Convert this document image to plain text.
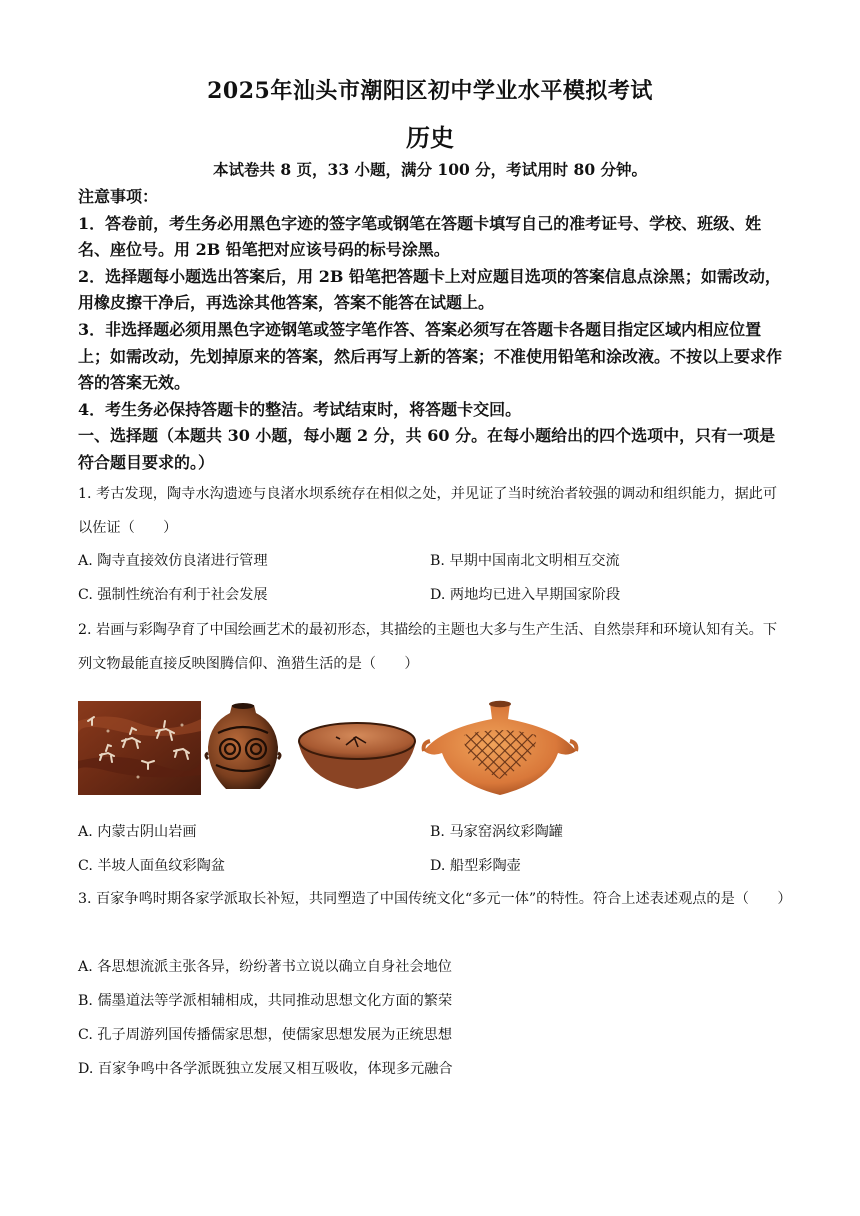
2025年汕头市潮阳区初中学业水平模拟考试
历史
本试卷共 8 页，33 小题，满分 100 分，考试用时 80 分钟。

注意事项：

1．答卷前，考生务必用黑色字迹的签字笔或钢笔在答题卡填写自己的准考证号、学校、班级、姓名、座位号。用 2B 铅笔把对应该号码的标号涂黑。

2．选择题每小题选出答案后，用 2B 铅笔把答题卡上对应题目选项的答案信息点涂黑；如需改动，用橡皮擦干净后，再选涂其他答案，答案不能答在试题上。

3．非选择题必须用黑色字迹钢笔或签字笔作答、答案必须写在答题卡各题目指定区域内相应位置上；如需改动，先划掉原来的答案，然后再写上新的答案；不准使用铅笔和涂改液。不按以上要求作答的答案无效。

4．考生务必保持答题卡的整洁。考试结束时，将答题卡交回。

一、选择题（本题共 30 小题，每小题 2 分，共 60 分。在每小题给出的四个选项中，只有一项是符合题目要求的。）

1. 考古发现，陶寺水沟遗迹与良渚水坝系统存在相似之处，并见证了当时统治者较强的调动和组织能力，据此可以佐证（　　）

A. 陶寺直接效仿良渚进行管理	B. 早期中国南北文明相互交流
C. 强制性统治有利于社会发展	D. 两地均已进入早期国家阶段

2. 岩画与彩陶孕育了中国绘画艺术的最初形态，其描绘的主题也大多与生产生活、自然崇拜和环境认知有关。下列文物最能直接反映图腾信仰、渔猎生活的是（　　）

A. 内蒙古阴山岩画	B. 马家窑涡纹彩陶罐
C. 半坡人面鱼纹彩陶盆	D. 船型彩陶壶

3. 百家争鸣时期各家学派取长补短，共同塑造了中国传统文化“多元一体”的特性。符合上述表述观点的是（　　）

A. 各思想流派主张各异，纷纷著书立说以确立自身社会地位
B. 儒墨道法等学派相辅相成，共同推动思想文化方面的繁荣
C. 孔子周游列国传播儒家思想，使儒家思想发展为正统思想
D. 百家争鸣中各学派既独立发展又相互吸收，体现多元融合
